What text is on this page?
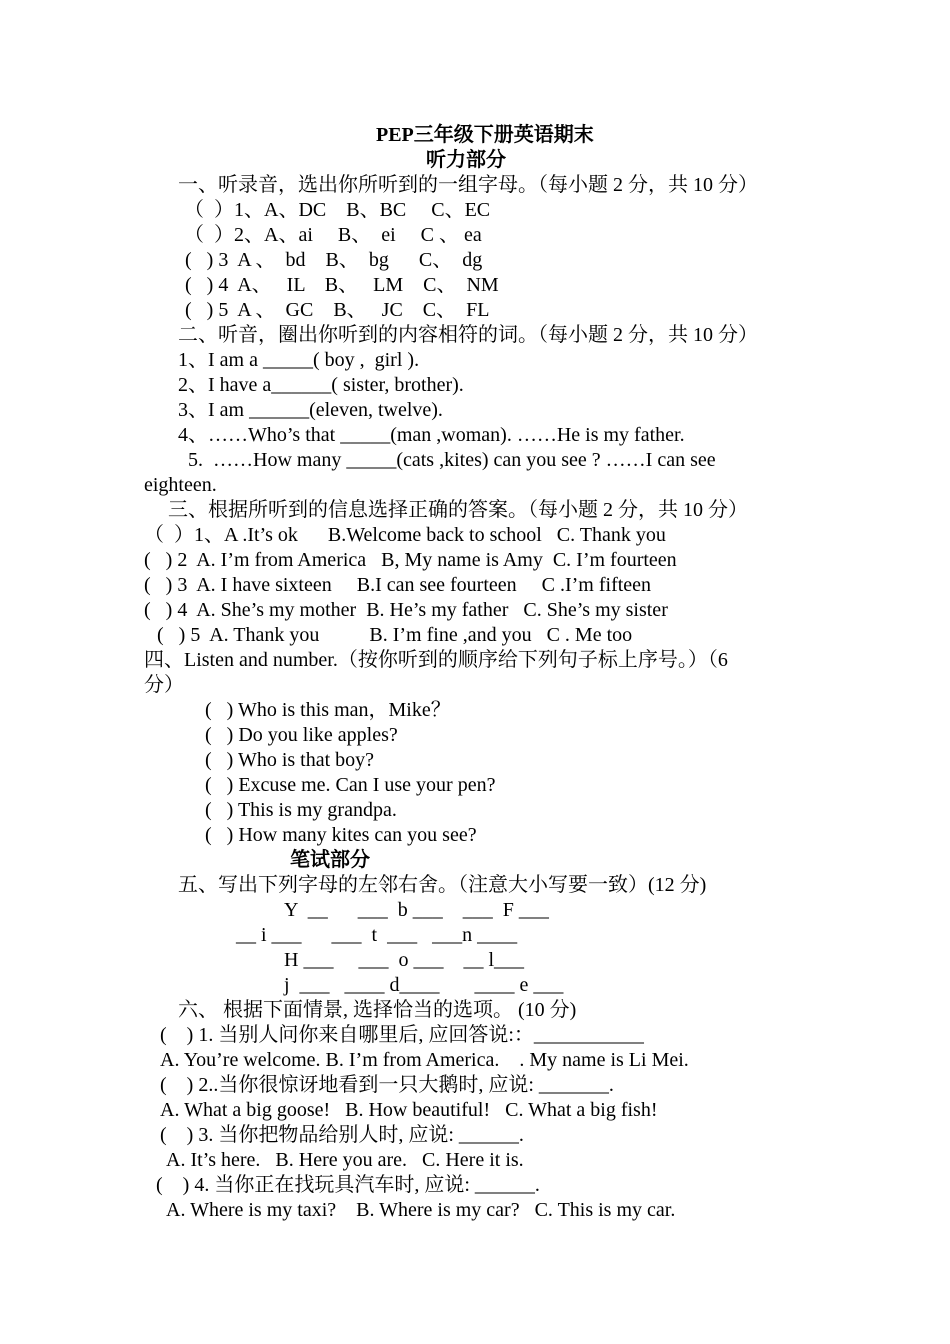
PEP三年级下册英语期末
听力部分
一、听录音，选出你所听到的一组字母。（每小题 2 分，共 10 分）
（  ）1、A、DC    B、BC     C、EC
（  ）2、A、ai     B、  ei     C 、 ea
(   ) 3  A 、  bd    B、  bg      C、  dg
(   ) 4  A、   IL    B、   LM    C、  NM
(   ) 5  A 、  GC    B、   JC    C、  FL
二、听音，圈出你听到的内容相符的词。（每小题 2 分，共 10 分）
1、I am a _____( boy ,  girl ).
2、I have a______( sister, brother).
3、I am ______(eleven, twelve).
4、……Who’s that _____(man ,woman). ……He is my father.
5.  ……How many _____(cats ,kites) can you see ? ……I can see
eighteen.
三、根据所听到的信息选择正确的答案。（每小题 2 分，共 10 分）
（  ）1、A .It’s ok      B.Welcome back to school   C. Thank you
(   ) 2  A. I’m from America   B, My name is Amy  C. I’m fourteen
(   ) 3  A. I have sixteen     B.I can see fourteen     C .I’m fifteen
(   ) 4  A. She’s my mother  B. He’s my father   C. She’s my sister
(   ) 5  A. Thank you          B. I’m fine ,and you   C . Me too
四、Listen and number.（按你听到的顺序给下列句子标上序号。）（6
分）
(   ) Who is this man，Mike？
(   ) Do you like apples?
(   ) Who is that boy?
(   ) Excuse me. Can I use your pen?
(   ) This is my grandpa.
(   ) How many kites can you see?
笔试部分
五、写出下列字母的左邻右舍。（注意大小写要一致）(12 分)
Y  __      ___  b ___    ___  F ___
__ i ___      ___  t  ___   ___n ____
H ___     ___  o ___    __ l___
j  ___   ____ d____       ____ e ___
六、 根据下面情景, 选择恰当的选项。 (10 分)
(    ) 1. 当别人问你来自哪里后, 应回答说:：___________
A. You’re welcome. B. I’m from America.    . My name is Li Mei.
(    ) 2..当你很惊讶地看到一只大鹅时, 应说: _______.
A. What a big goose!   B. How beautiful!   C. What a big fish!
(    ) 3. 当你把物品给别人时, 应说: ______.
A. It’s here.   B. Here you are.   C. Here it is.
(    ) 4. 当你正在找玩具汽车时, 应说: ______.
A. Where is my taxi?    B. Where is my car?   C. This is my car.
